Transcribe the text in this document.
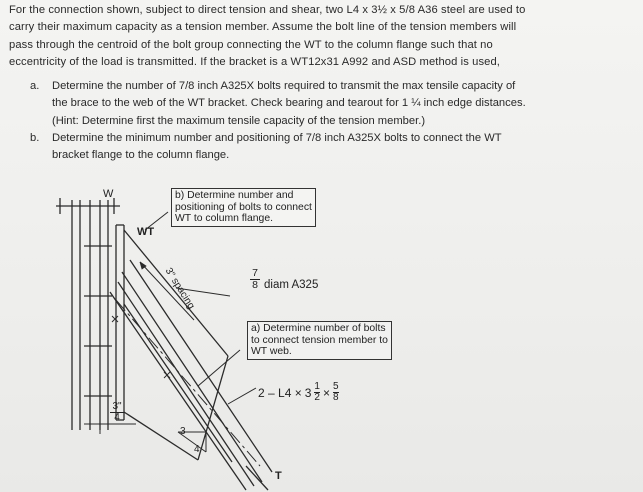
For the connection shown, subject to direct tension and shear, two L4 x 3½ x 5/8 A36 steel are used to
carry their maximum capacity as a tension member. Assume the bolt line of the tension members will
pass through the centroid of the bolt group connecting the WT to the column flange such that no
eccentricity of the load is transmitted. If the bracket is a WT12x31 A992 and ASD method is used,
a. Determine the number of 7/8 inch A325X bolts required to transmit the max tensile capacity of
the brace to the web of the WT bracket. Check bearing and tearout for 1 ¼ inch edge distances.
(Hint: Determine first the maximum tensile capacity of the tension member.)
b. Determine the minimum number and positioning of 7/8 inch A325X bolts to connect the WT
bracket flange to the column flange.
W
WT
3" spacing
b) Determine number and
positioning of bolts to connect
WT to column flange.
$\frac{7}{8}$ diam A325
a) Determine number of bolts
to connect tension member to
WT web.
$2 - L4 \times 3 \frac{1}{2} \times \frac{5}{8}$
$\frac{3"}{4}$
3
4
T
